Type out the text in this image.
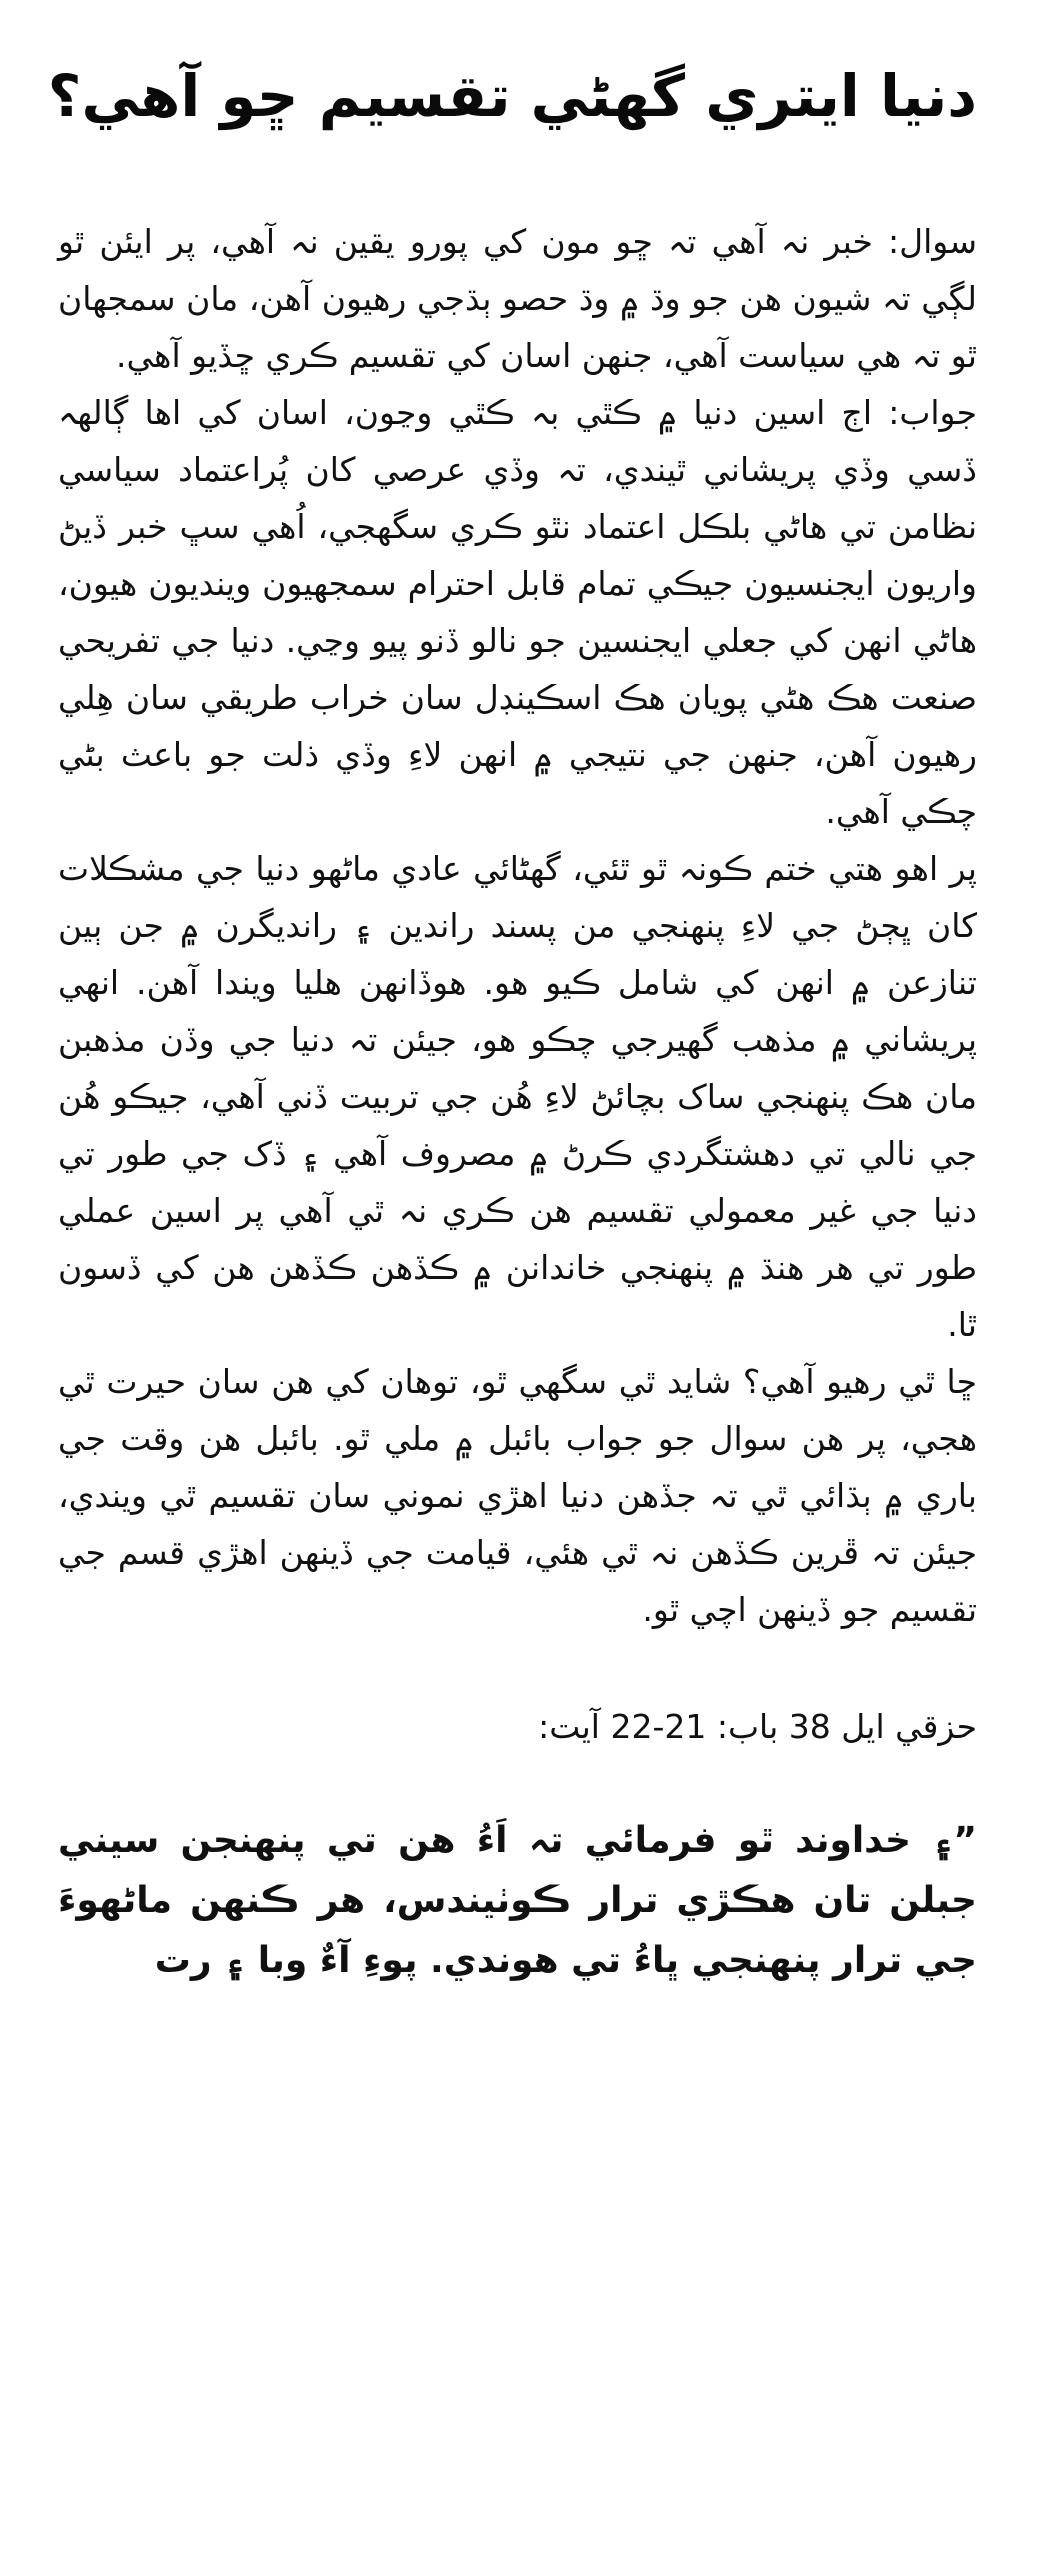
دنيا ايتري گھڻي تقسيم ڇو آهي؟

سوال: خبر نہ آهي تہ ڇو مون کي پورو يقين نہ آهي، پر ايئن ٿو لڳي تہ شيون هن جو وڌ ۾ وڌ حصو ٻڌجي رهيون آهن، مان سمجهان ٿو تہ هي سياست آهي، جنهن اسان کي تقسيم ڪري ڇڏيو آهي.

جواب: اڄ اسين دنيا ۾ ڪٿي بہ ڪٿي وڃون، اسان کي اها ڳالهہ ڏسي وڏي پريشاني ٿيندي، تہ وڏي عرصي کان پُراعتماد سياسي نظامن تي هاڻي بلڪل اعتماد نٿو ڪري سگهجي، اُهي سڀ خبر ڏيڻ واريون ايجنسيون جيڪي تمام قابل احترام سمجهيون وينديون هيون، هاڻي انهن کي جعلي ايجنسين جو نالو ڏنو پيو وڃي. دنيا جي تفريحي صنعت هڪ هڻي پويان هڪ اسڪينڊل سان خراب طريقي سان هِلي رهيون آهن، جنهن جي نتيجي ۾ انهن لاءِ وڏي ذلت جو باعث بڻي چڪي آهي.

پر اهو هتي ختم ڪونہ ٿو ٿئي، گهڻائي عادي ماڻهو دنيا جي مشڪلات کان ڀڄڻ جي لاءِ پنهنجي من پسند راندين ۽ رانديگرن ۾ جن ٻين تنازعن ۾ انهن کي شامل ڪيو هو. هوڏانهن هليا ويندا آهن. انهي پريشاني ۾ مذهب گهيرجي چڪو هو، جيئن تہ دنيا جي وڏن مذهبن مان هڪ پنهنجي ساک بچائڻ لاءِ هُن جي تربيت ڏني آهي، جيڪو هُن جي نالي تي دهشتگردي ڪرڻ ۾ مصروف آهي ۽ ڏک جي طور تي دنيا جي غير معمولي تقسيم هن ڪري نہ ٿي آهي پر اسين عملي طور تي هر هنڌ ۾ پنهنجي خاندانن ۾ ڪڏهن ڪڏهن هن کي ڏسون ٿا.

ڇا ٿي رهيو آهي؟ شايد ٿي سگهي ٿو، توهان کي هن سان حيرت ٿي هجي، پر هن سوال جو جواب بائبل ۾ ملي ٿو. بائبل هن وقت جي باري ۾ ٻڌائي ٿي تہ جڏهن دنيا اهڙي نموني سان تقسيم ٿي ويندي، جيئن تہ ڦرين ڪڏهن نہ ٿي هئي، قيامت جي ڏينهن اهڙي قسم جي تقسيم جو ڏينهن اچي ٿو.

حزقي ايل 38 باب: 21-22 آيت:

”۽ خداوند ٿو فرمائي تہ اَءُ هن تي پنهنجن سيني جبلن تان هڪڙي ترار ڪوٺيندس، هر ڪنهن ماڻهوءَ جي ترار پنهنجي ڀاءُ تي هوندي. پوءِ آءٌ وبا ۽ رت
